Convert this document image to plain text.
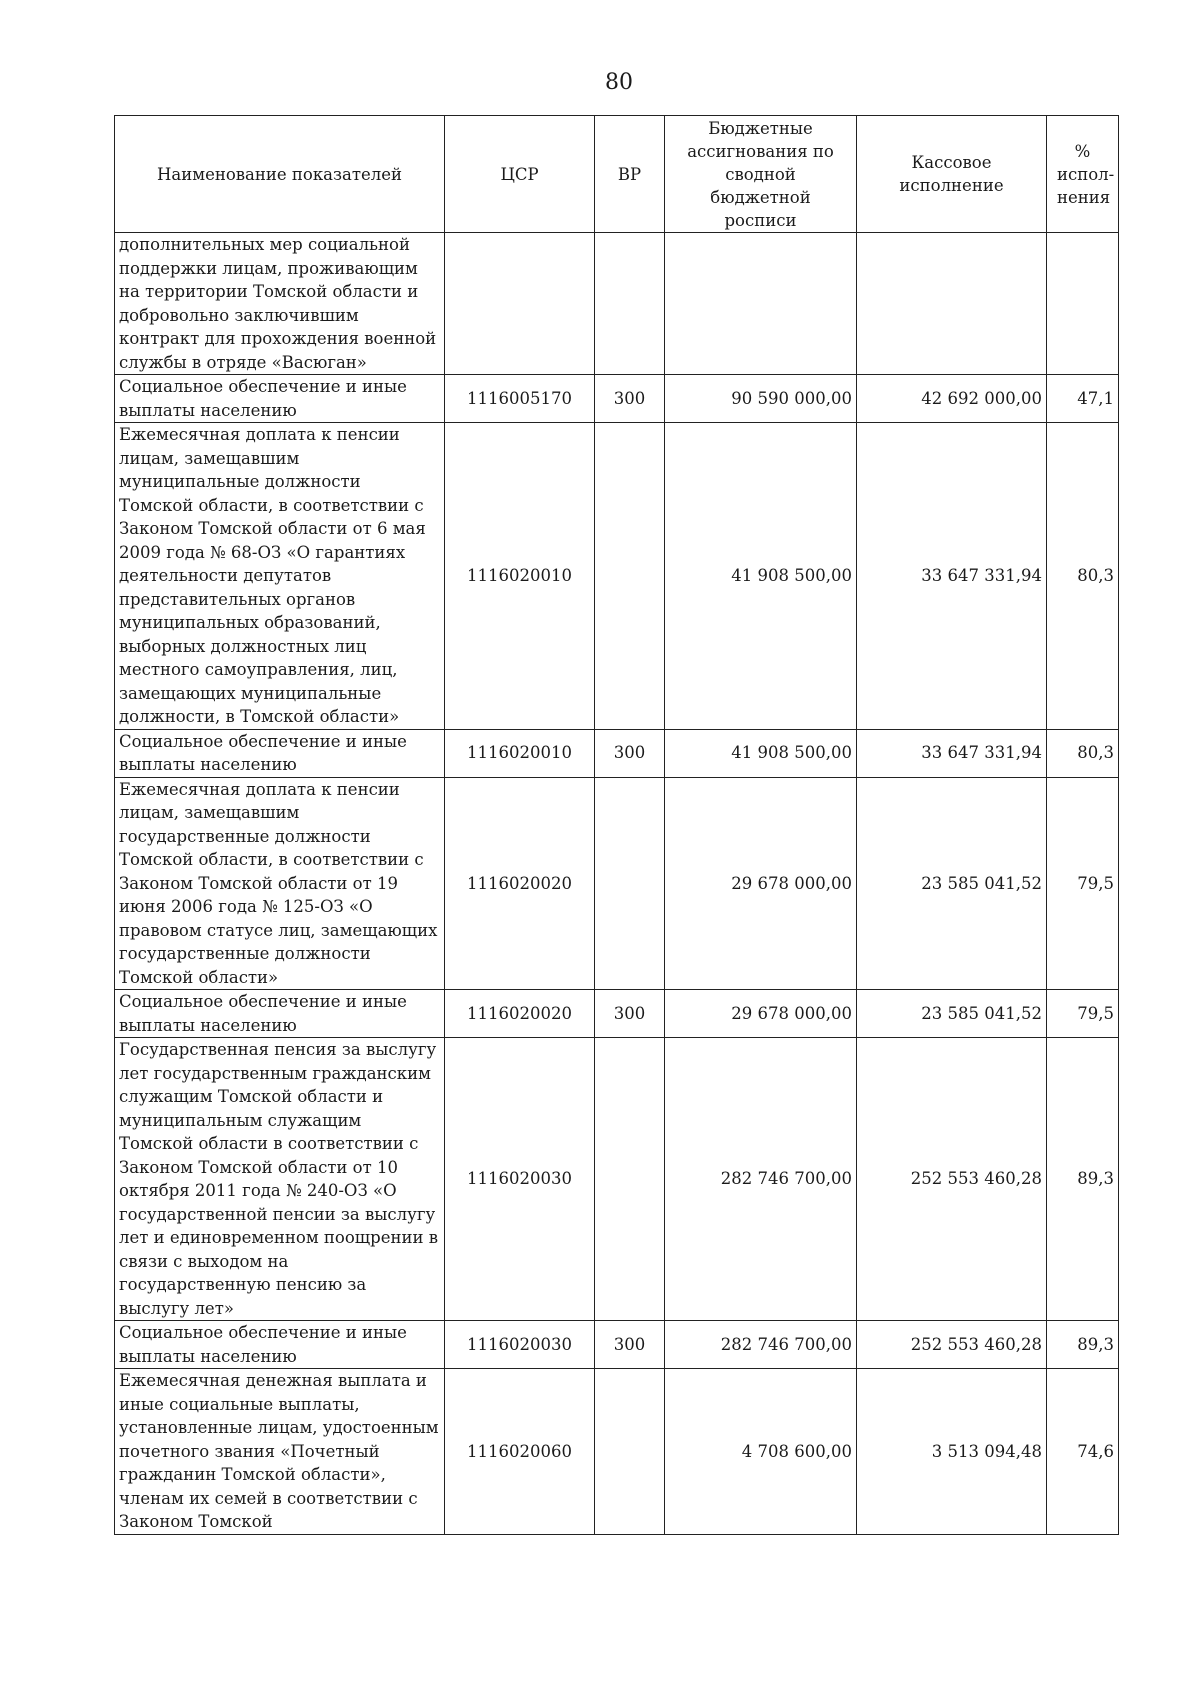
80
Наименование показателей	ЦСР	ВР	Бюджетные ассигнования по сводной бюджетной росписи	Кассовое исполнение	% испол-нения
дополнительных мер социальной поддержки лицам, проживающим на территории Томской области и добровольно заключившим контракт для прохождения военной службы в отряде «Васюган»					
Социальное обеспечение и иные выплаты населению	1116005170	300	90 590 000,00	42 692 000,00	47,1
Ежемесячная доплата к пенсии лицам, замещавшим муниципальные должности Томской области, в соответствии с Законом Томской области от 6 мая 2009 года № 68-ОЗ «О гарантиях деятельности депутатов представительных органов муниципальных образований, выборных должностных лиц местного самоуправления, лиц, замещающих муниципальные должности, в Томской области»	1116020010		41 908 500,00	33 647 331,94	80,3
Социальное обеспечение и иные выплаты населению	1116020010	300	41 908 500,00	33 647 331,94	80,3
Ежемесячная доплата к пенсии лицам, замещавшим государственные должности Томской области, в соответствии с Законом Томской области от 19 июня 2006 года № 125-ОЗ «О правовом статусе лиц, замещающих государственные должности Томской области»	1116020020		29 678 000,00	23 585 041,52	79,5
Социальное обеспечение и иные выплаты населению	1116020020	300	29 678 000,00	23 585 041,52	79,5
Государственная пенсия за выслугу лет государственным гражданским служащим Томской области и муниципальным служащим Томской области в соответствии с Законом Томской области от 10 октября 2011 года № 240-ОЗ «О государственной пенсии за выслугу лет и единовременном поощрении в связи с выходом на государственную пенсию за выслугу лет»	1116020030		282 746 700,00	252 553 460,28	89,3
Социальное обеспечение и иные выплаты населению	1116020030	300	282 746 700,00	252 553 460,28	89,3
Ежемесячная денежная выплата и иные социальные выплаты, установленные лицам, удостоенным почетного звания «Почетный гражданин Томской области», членам их семей в соответствии с Законом Томской	1116020060		4 708 600,00	3 513 094,48	74,6
